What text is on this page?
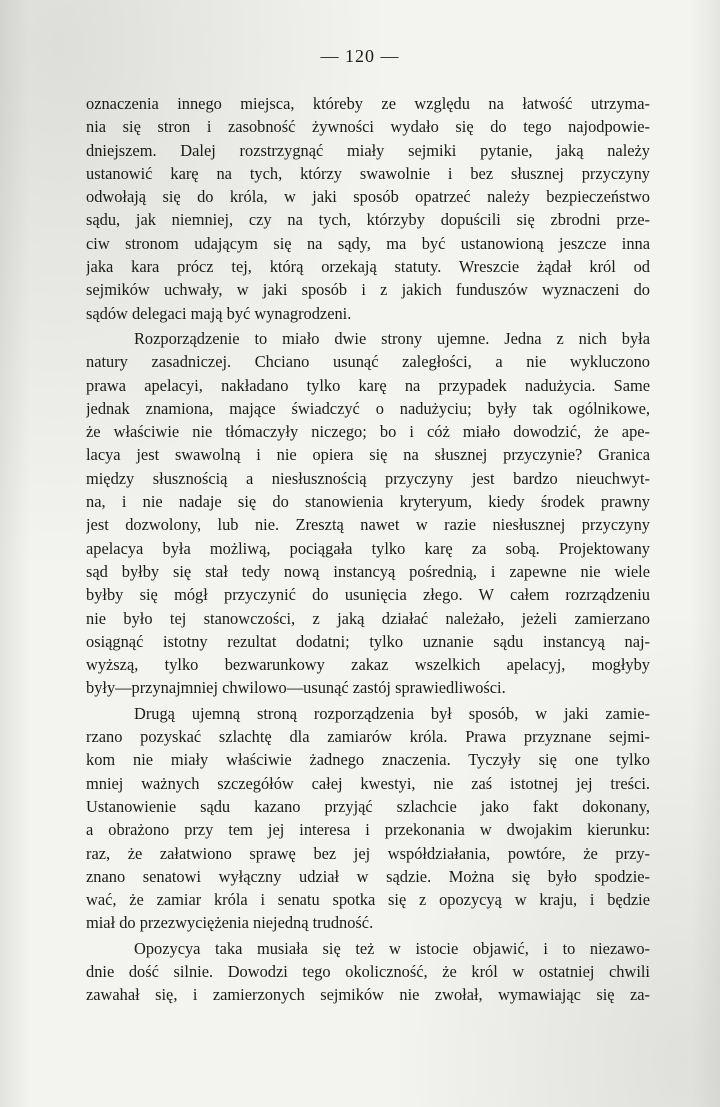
— 120 —
oznaczenia innego miejsca, któreby ze względu na łatwość utrzyma-
nia się stron i zasobność żywności wydało się do tego najodpowie-
dniejszem. Dalej rozstrzygnąć miały sejmiki pytanie, jaką należy
ustanowić karę na tych, którzy swawolnie i bez słusznej przyczyny
odwołają się do króla, w jaki sposób opatrzeć należy bezpieczeństwo
sądu, jak niemniej, czy na tych, którzyby dopuścili się zbrodni prze-
ciw stronom udającym się na sądy, ma być ustanowioną jeszcze inna
jaka kara prócz tej, którą orzekają statuty. Wreszcie żądał król od
sejmików uchwały, w jaki sposób i z jakich funduszów wyznaczeni do
sądów delegaci mają być wynagrodzeni.
Rozporządzenie to miało dwie strony ujemne. Jedna z nich była
natury zasadniczej. Chciano usunąć zaległości, a nie wykluczono
prawa apelacyi, nakładano tylko karę na przypadek nadużycia. Same
jednak znamiona, mające świadczyć o nadużyciu; były tak ogólnikowe,
że właściwie nie tłómaczyły niczego; bo i cóż miało dowodzić, że ape-
lacya jest swawolną i nie opiera się na słusznej przyczynie? Granica
między słusznością a niesłusznością przyczyny jest bardzo nieuchwyt-
na, i nie nadaje się do stanowienia kryteryum, kiedy środek prawny
jest dozwolony, lub nie. Zresztą nawet w razie niesłusznej przyczyny
apelacya była możliwą, pociągała tylko karę za sobą. Projektowany
sąd byłby się stał tedy nową instancyą pośrednią, i zapewne nie wiele
byłby się mógł przyczynić do usunięcia złego. W całem rozrządzeniu
nie było tej stanowczości, z jaką działać należało, jeżeli zamierzano
osiągnąć istotny rezultat dodatni; tylko uznanie sądu instancyą naj-
wyższą, tylko bezwarunkowy zakaz wszelkich apelacyj, mogłyby
były—przynajmniej chwilowo—usunąć zastój sprawiedliwości.
Drugą ujemną stroną rozporządzenia był sposób, w jaki zamie-
rzano pozyskać szlachtę dla zamiarów króla. Prawa przyznane sejmi-
kom nie miały właściwie żadnego znaczenia. Tyczyły się one tylko
mniej ważnych szczegółów całej kwestyi, nie zaś istotnej jej treści.
Ustanowienie sądu kazano przyjąć szlachcie jako fakt dokonany,
a obrażono przy tem jej interesa i przekonania w dwojakim kierunku:
raz, że załatwiono sprawę bez jej współdziałania, powtóre, że przy-
znano senatowi wyłączny udział w sądzie. Można się było spodzie-
wać, że zamiar króla i senatu spotka się z opozycyą w kraju, i będzie
miał do przezwyciężenia niejedną trudność.
Opozycya taka musiała się też w istocie objawić, i to niezawo-
dnie dość silnie. Dowodzi tego okoliczność, że król w ostatniej chwili
zawahał się, i zamierzonych sejmików nie zwołał, wymawiając się za-
